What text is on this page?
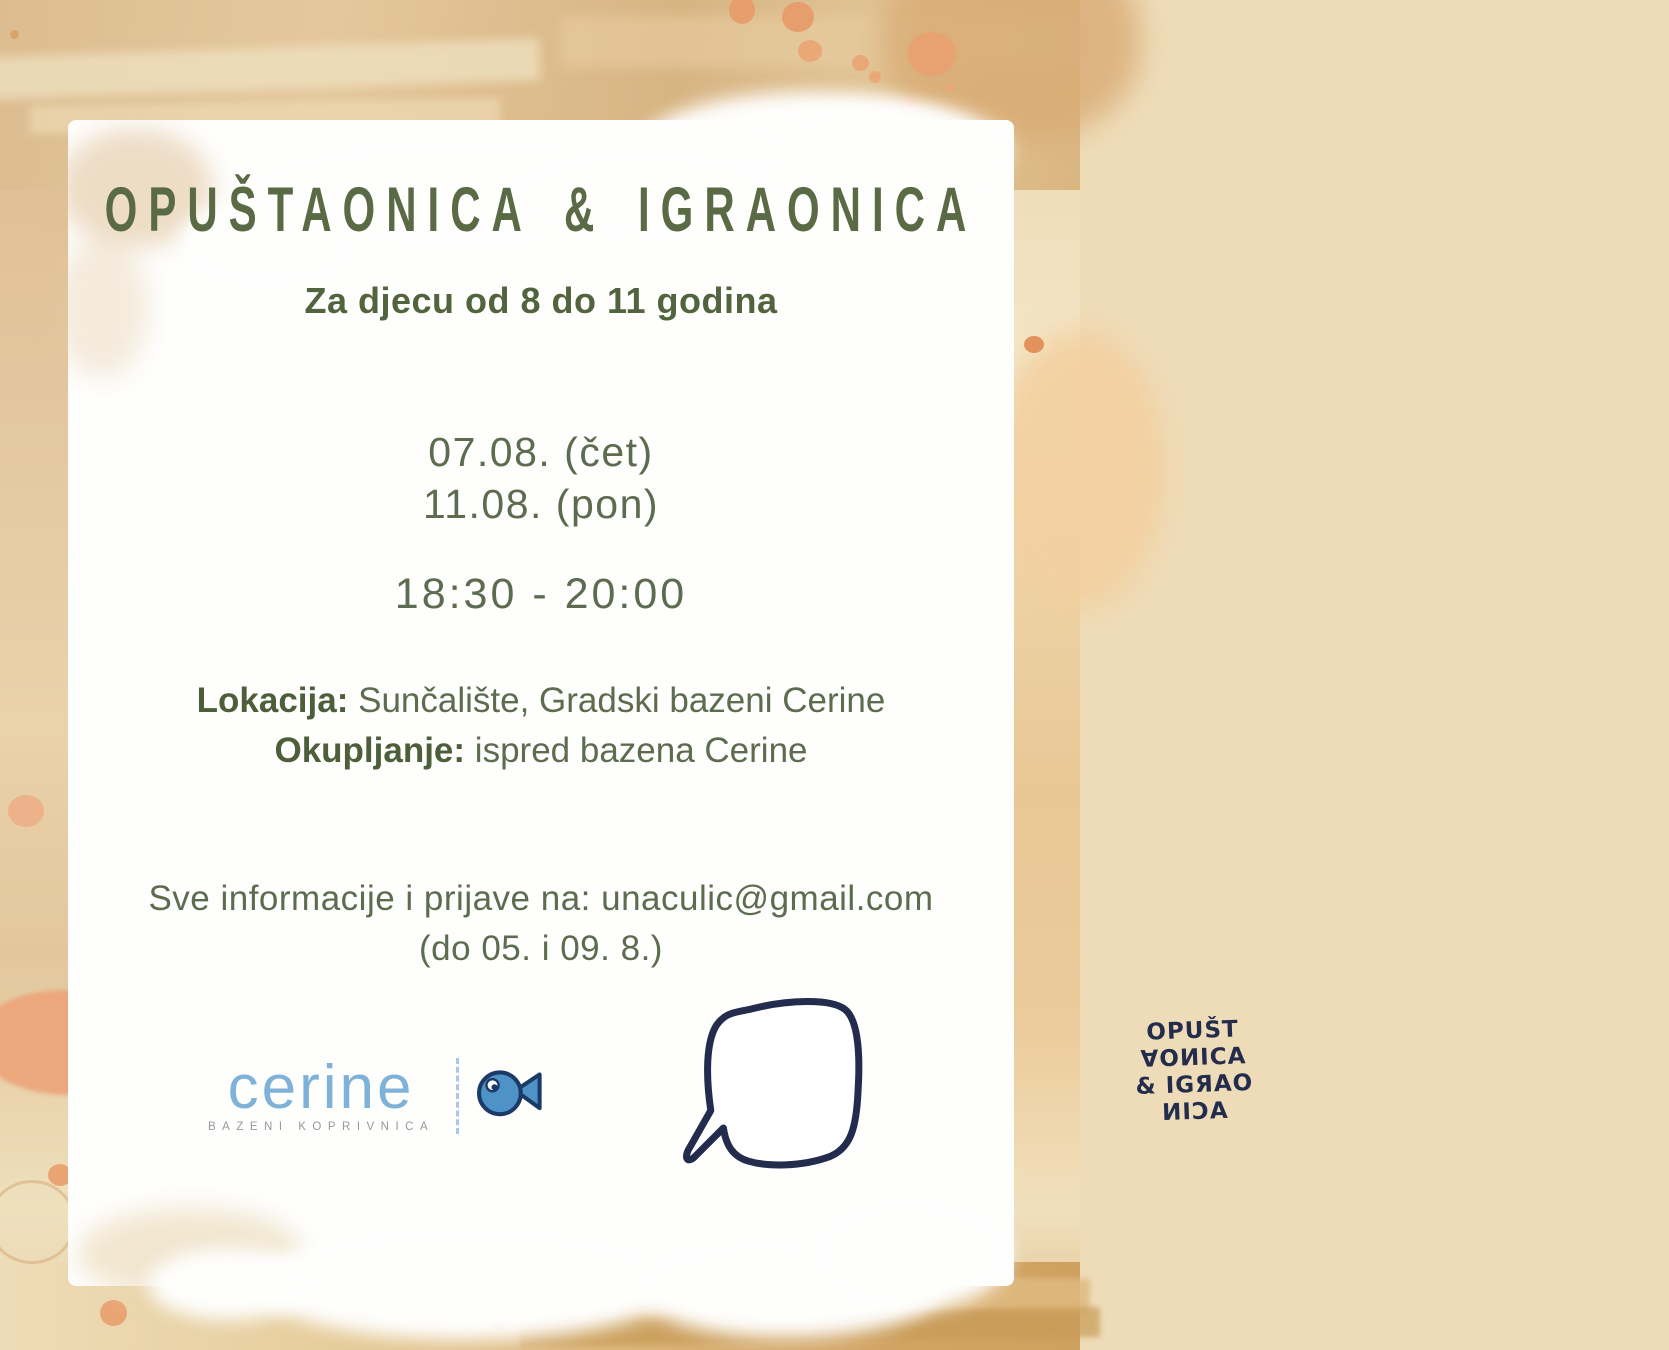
OPUŠTAONICA & IGRAONICA
Za djecu od 8 do 11 godina
07.08. (čet)
11.08. (pon)
18:30 - 20:00
Lokacija: Sunčalište, Gradski bazeni Cerine
Okupljanje: ispred bazena Cerine
Sve informacije i prijave na: unaculic@gmail.com
(do 05. i 09. 8.)
cerine
BAZENI KOPRIVNICA
OPUŠT
∀OИICA
& IGЯAO
ИIƆA
